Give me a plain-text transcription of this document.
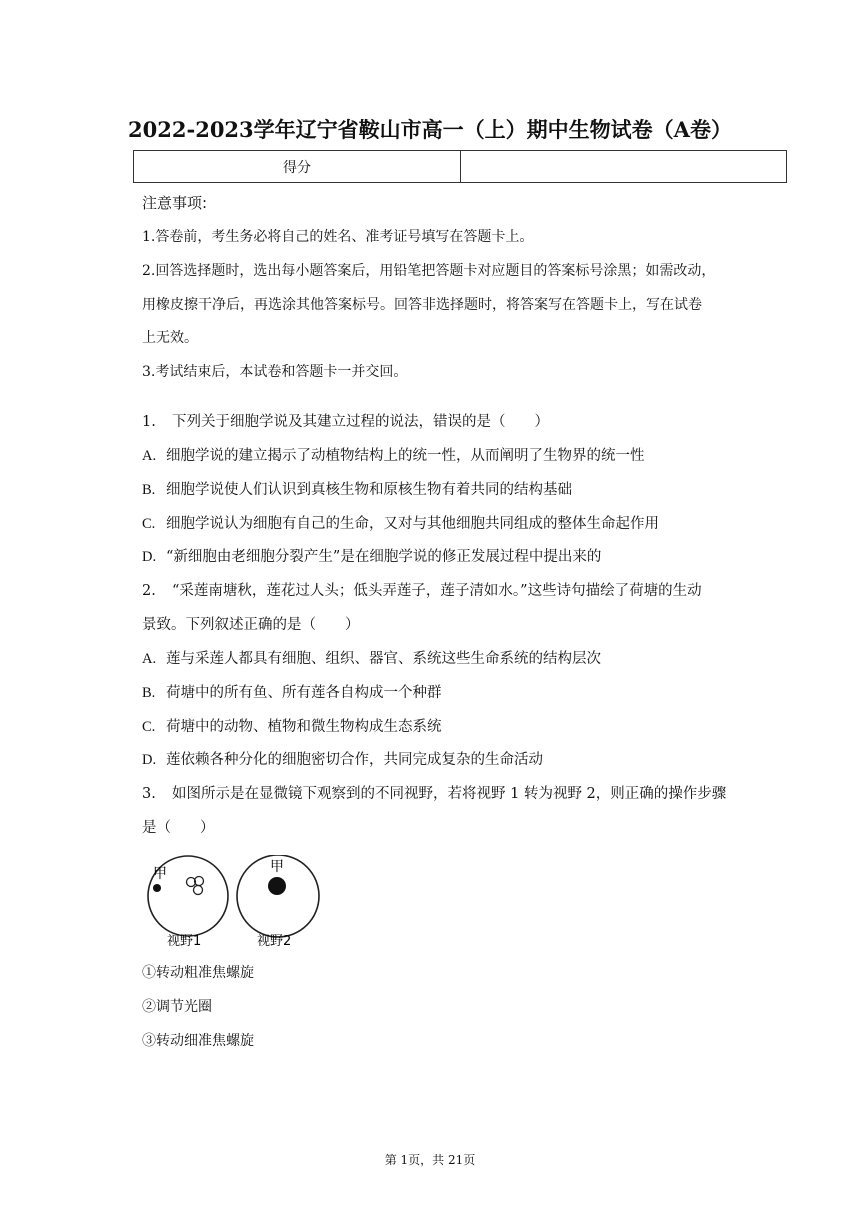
2022-2023学年辽宁省鞍山市高一（上）期中生物试卷（A卷）
得分
注意事项:
1.答卷前，考生务必将自己的姓名、准考证号填写在答题卡上。
2.回答选择题时，选出每小题答案后，用铅笔把答题卡对应题目的答案标号涂黑；如需改动，
用橡皮擦干净后，再选涂其他答案标号。回答非选择题时，将答案写在答题卡上，写在试卷
上无效。
3.考试结束后，本试卷和答题卡一并交回。
1. 下列关于细胞学说及其建立过程的说法，错误的是（　　）
A. 细胞学说的建立揭示了动植物结构上的统一性，从而阐明了生物界的统一性
B. 细胞学说使人们认识到真核生物和原核生物有着共同的结构基础
C. 细胞学说认为细胞有自己的生命，又对与其他细胞共同组成的整体生命起作用
D. “新细胞由老细胞分裂产生”是在细胞学说的修正发展过程中提出来的
2. “采莲南塘秋，莲花过人头；低头弄莲子，莲子清如水。”这些诗句描绘了荷塘的生动
景致。下列叙述正确的是（　　）
A. 莲与采莲人都具有细胞、组织、器官、系统这些生命系统的结构层次
B. 荷塘中的所有鱼、所有莲各自构成一个种群
C. 荷塘中的动物、植物和微生物构成生态系统
D. 莲依赖各种分化的细胞密切合作，共同完成复杂的生命活动
3. 如图所示是在显微镜下观察到的不同视野，若将视野 1 转为视野 2，则正确的操作步骤
是（　　）
甲	甲
视野1	视野2
①转动粗准焦螺旋
②调节光圈
③转动细准焦螺旋
第 1页，共 21页
